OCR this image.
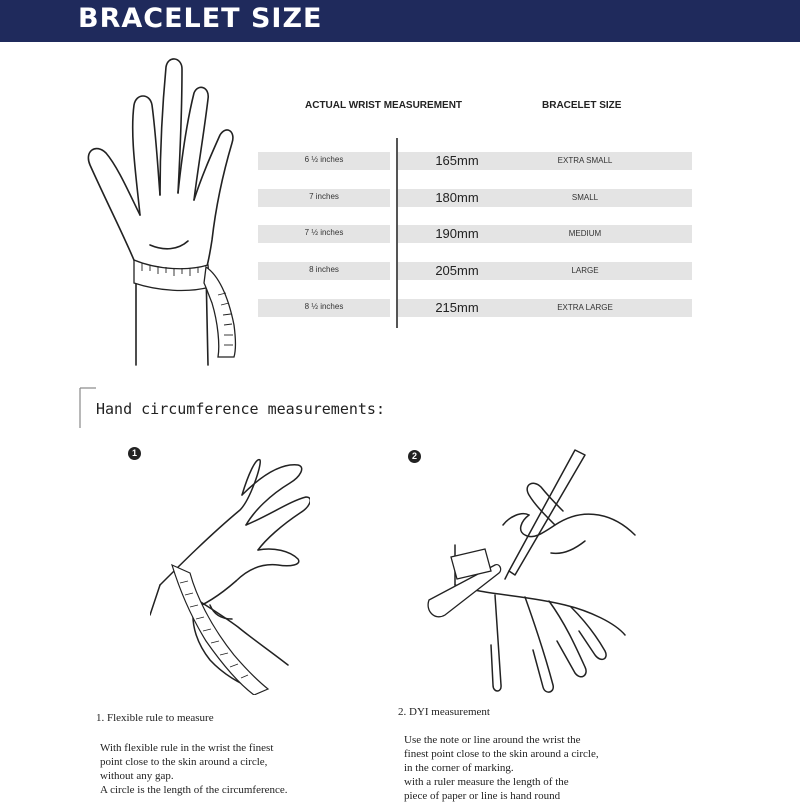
BRACELET SIZE
ACTUAL WRIST MEASUREMENT	BRACELET SIZE
6 ½ inches	165mm	EXTRA SMALL
7 inches	180mm	SMALL
7 ½ inches	190mm	MEDIUM
8 inches	205mm	LARGE
8 ½ inches	215mm	EXTRA LARGE
Hand circumference measurements:
1
1. Flexible rule to measure
With flexible rule in the wrist the finest
point close to the skin around a circle,
without any gap.
A circle is the length of the circumference.
2
2. DYI measurement
Use the note or line around the wrist the
finest point close to the skin around a circle,
in the corner of marking.
with a ruler measure the length of the
piece of paper or line is hand round
